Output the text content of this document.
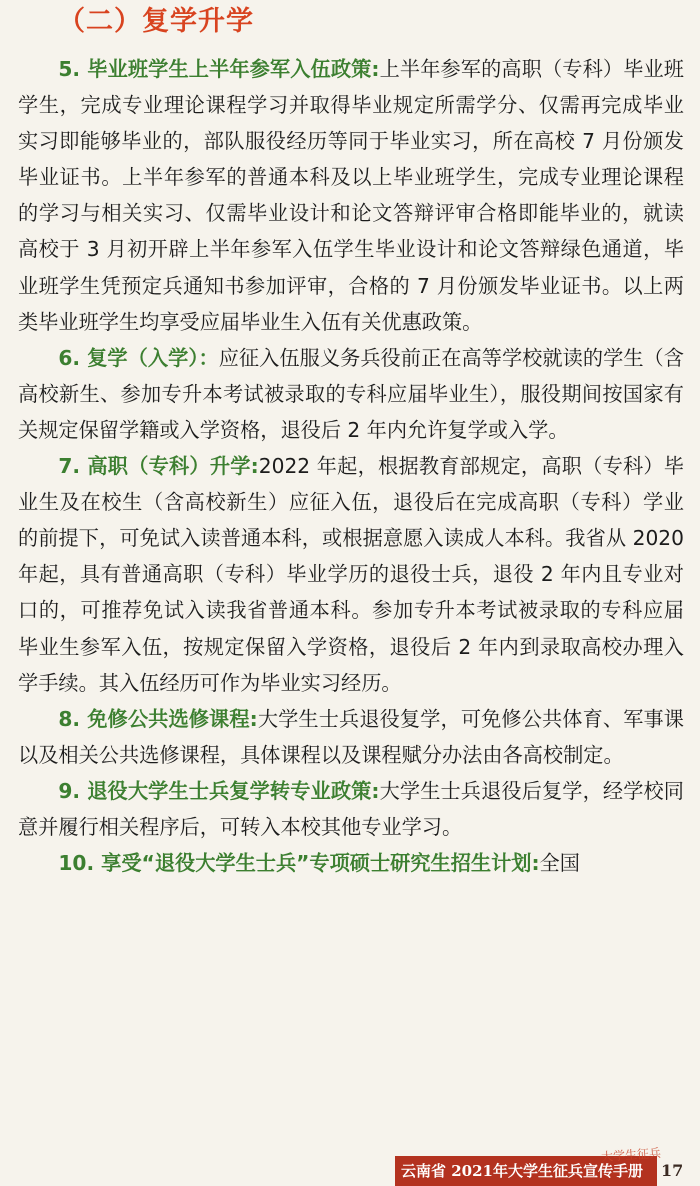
（二）复学升学

5. 毕业班学生上半年参军入伍政策:上半年参军的高职（专科）毕业班学生，完成专业理论课程学习并取得毕业规定所需学分、仅需再完成毕业实习即能够毕业的，部队服役经历等同于毕业实习，所在高校 7 月份颁发毕业证书。上半年参军的普通本科及以上毕业班学生，完成专业理论课程的学习与相关实习、仅需毕业设计和论文答辩评审合格即能毕业的，就读高校于 3 月初开辟上半年参军入伍学生毕业设计和论文答辩绿色通道，毕业班学生凭预定兵通知书参加评审，合格的 7 月份颁发毕业证书。以上两类毕业班学生均享受应届毕业生入伍有关优惠政策。

6. 复学（入学）：应征入伍服义务兵役前正在高等学校就读的学生（含高校新生、参加专升本考试被录取的专科应届毕业生），服役期间按国家有关规定保留学籍或入学资格，退役后 2 年内允许复学或入学。

7. 高职（专科）升学:2022 年起，根据教育部规定，高职（专科）毕业生及在校生（含高校新生）应征入伍，退役后在完成高职（专科）学业的前提下，可免试入读普通本科，或根据意愿入读成人本科。我省从 2020 年起，具有普通高职（专科）毕业学历的退役士兵，退役 2 年内且专业对口的，可推荐免试入读我省普通本科。参加专升本考试被录取的专科应届毕业生参军入伍，按规定保留入学资格，退役后 2 年内到录取高校办理入学手续。其入伍经历可作为毕业实习经历。

8. 免修公共选修课程:大学生士兵退役复学，可免修公共体育、军事课以及相关公共选修课程，具体课程以及课程赋分办法由各高校制定。

9. 退役大学生士兵复学转专业政策:大学生士兵退役后复学，经学校同意并履行相关程序后，可转入本校其他专业学习。

10. 享受“退役大学生士兵”专项硕士研究生招生计划:全国

云南省 2021年大学生征兵宣传手册
大学生征兵
17
